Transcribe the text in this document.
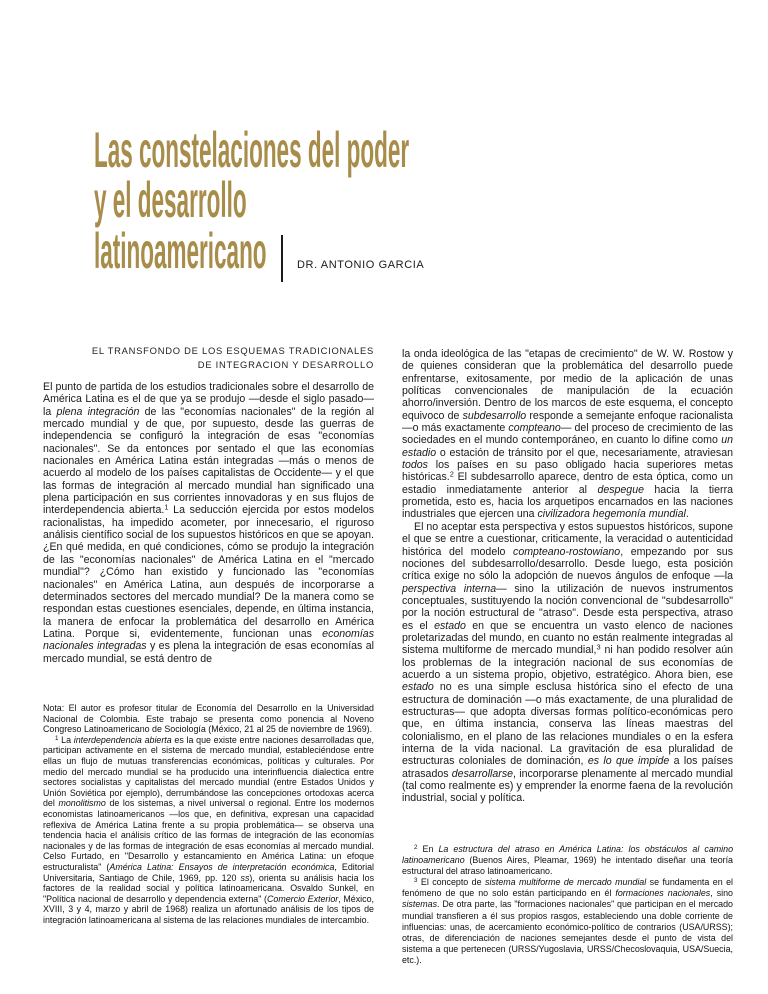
Las constelaciones del poder
y el desarrollo
latinoamericano	DR. ANTONIO GARCIA
EL TRANSFONDO DE LOS ESQUEMAS TRADICIONALES
DE INTEGRACION Y DESARROLLO

El punto de partida de los estudios tradicionales sobre el desarrollo de América Latina es el de que ya se produjo —desde el siglo pasado— la plena integración de las "economías nacionales" de la región al mercado mundial y de que, por supuesto, desde las guerras de independencia se configuró la integración de esas "economías nacionales". Se da entonces por sentado el que las economías nacionales en América Latina están integradas —más o menos de acuerdo al modelo de los países capitalistas de Occidente— y el que las formas de integración al mercado mundial han significado una plena participación en sus corrientes innovadoras y en sus flujos de interdependencia abierta.$^1$ La seducción ejercida por estos modelos racionalistas, ha impedido acometer, por innecesario, el riguroso análisis científico social de los supuestos históricos en que se apoyan. ¿En qué medida, en qué condiciones, cómo se produjo la integración de las "economías nacionales" de América Latina en el "mercado mundial"? ¿Cómo han existido y funcionado las "economías nacionales" en América Latina, aun después de incorporarse a determinados sectores del mercado mundial? De la manera como se respondan estas cuestiones esenciales, depende, en última instancia, la manera de enfocar la problemática del desarrollo en América Latina. Porque si, evidentemente, funcionan unas economías nacionales integradas y es plena la integración de esas economías al mercado mundial, se está dentro de

Nota: El autor es profesor titular de Economía del Desarrollo en la Universidad Nacional de Colombia. Este trabajo se presenta como ponencia al Noveno Congreso Latinoamericano de Sociología (México, 21 al 25 de noviembre de 1969).

$^1$ La interdependencia abierta es la que existe entre naciones desarrolladas que, participan activamente en el sistema de mercado mundial, estableciéndose entre ellas un flujo de mutuas transferencias económicas, políticas y culturales. Por medio del mercado mundial se ha producido una interinfluencia dialectica entre sectores socialistas y capitalistas del mercado mundial (entre Estados Unidos y Unión Soviética por ejemplo), derrumbándose las concepciones ortodoxas acerca del monolitismo de los sistemas, a nivel universal o regional. Entre los modernos economistas latinoamericanos —los que, en definitiva, expresan una capacidad reflexiva de América Latina frente a su propia problemática— se observa una tendencia hacia el análisis crítico de las formas de integración de las economías nacionales y de las formas de integración de esas economías al mercado mundial. Celso Furtado, en "Desarrollo y estancamiento en América Latina: un efoque estructuralista" (América Latina: Ensayos de interpretación económica, Editorial Universitaria, Santiago de Chile, 1969, pp. 120 ss), orienta su análisis hacia los factores de la realidad social y política latinoamericana. Osvaldo Sunkel, en "Política nacional de desarrollo y dependencia externa" (Comercio Exterior, México, XVIII, 3 y 4, marzo y abril de 1968) realiza un afortunado análisis de los tipos de integración latinoamericana al sistema de las relaciones mundiales de intercambio.

la onda ideológica de las "etapas de crecimiento" de W. W. Rostow y de quienes consideran que la problemática del desarrollo puede enfrentarse, exitosamente, por medio de la aplicación de unas políticas convencionales de manipulación de la ecuación ahorro/inversión. Dentro de los marcos de este esquema, el concepto equivoco de subdesarrollo responde a semejante enfoque racionalista —o más exactamente compteano— del proceso de crecimiento de las sociedades en el mundo contemporáneo, en cuanto lo difine como un estadio o estación de tránsito por el que, necesariamente, atraviesan todos los países en su paso obligado hacia superiores metas históricas.$^2$ El subdesarrollo aparece, dentro de esta óptica, como un estadio inmediatamente anterior al despegue hacia la tierra prometida, esto es, hacia los arquetipos encarnados en las naciones industriales que ejercen una civilizadora hegemonía mundial.

El no aceptar esta perspectiva y estos supuestos históricos, supone el que se entre a cuestionar, criticamente, la veracidad o autenticidad histórica del modelo compteano-rostowiano, empezando por sus nociones del subdesarrollo/desarrollo. Desde luego, esta posición crítica exige no sólo la adopción de nuevos ángulos de enfoque —la perspectiva interna— sino la utilización de nuevos instrumentos conceptuales, sustituyendo la noción convencional de "subdesarrollo" por la noción estructural de "atraso". Desde esta perspectiva, atraso es el estado en que se encuentra un vasto elenco de naciones proletarizadas del mundo, en cuanto no están realmente integradas al sistema multiforme de mercado mundial,$^3$ ni han podido resolver aún los problemas de la integración nacional de sus economías de acuerdo a un sistema propio, objetivo, estratégico. Ahora bien, ese estado no es una simple esclusa histórica sino el efecto de una estructura de dominación —o más exactamente, de una pluralidad de estructuras— que adopta diversas formas político-económicas pero que, en última instancia, conserva las líneas maestras del colonialismo, en el plano de las relaciones mundiales o en la esfera interna de la vida nacional. La gravitación de esa pluralidad de estructuras coloniales de dominación, es lo que impide a los países atrasados desarrollarse, incorporarse plenamente al mercado mundial (tal como realmente es) y emprender la enorme faena de la revolución industrial, social y política.

$^2$ En La estructura del atraso en América Latina: los obstáculos al camino latinoamericano (Buenos Aires, Pleamar, 1969) he intentado diseñar una teoría estructural del atraso latinoamericano.

$^3$ El concepto de sistema multiforme de mercado mundial se fundamenta en el fenómeno de que no solo están participando en él formaciones nacionales, sino sistemas. De otra parte, las "formaciones nacionales" que participan en el mercado mundial transfieren a él sus propios rasgos, estableciendo una doble corriente de influencias: unas, de acercamiento económico-político de contrarios (USA/URSS); otras, de diferenciación de naciones semejantes desde el punto de vista del sistema a que pertenecen (URSS/Yugoslavia, URSS/Checoslovaquia, USA/Suecia, etc.).
